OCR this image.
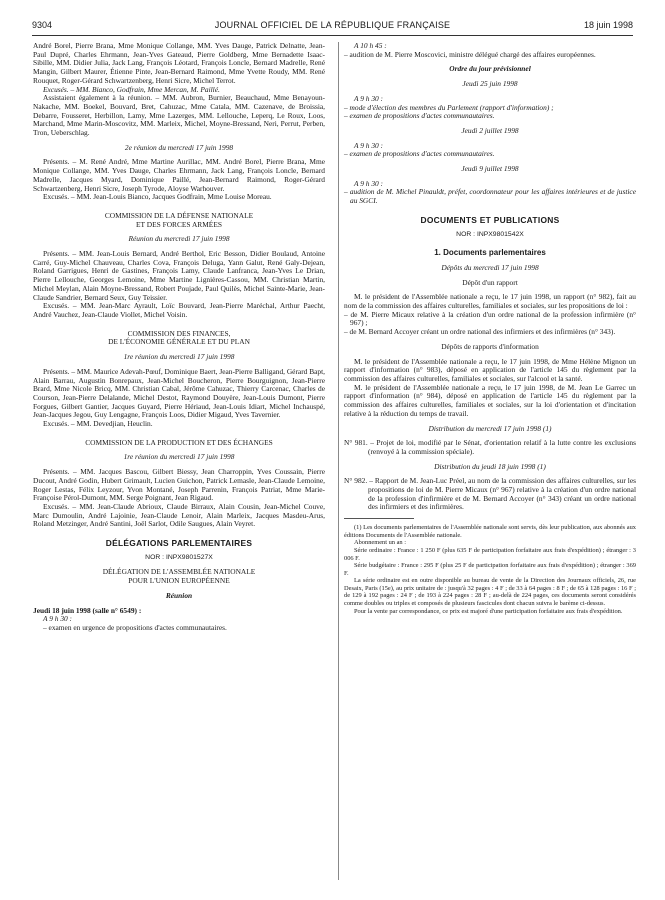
9304	JOURNAL OFFICIEL DE LA RÉPUBLIQUE FRANÇAISE	18 juin 1998

André Borel, Pierre Brana, Mme Monique Collange, MM. Yves Dauge, Patrick Delnatte, Jean-Paul Dupré, Charles Ehrmann, Jean-Yves Gateaud, Pierre Goldberg, Mme Bernadette Isaac-Sibille, MM. Didier Julia, Jack Lang, François Léotard, François Loncle, Bernard Madrelle, René Mangin, Gilbert Maurer, Étienne Pinte, Jean-Bernard Raimond, Mme Yvette Roudy, MM. René Rouquet, Roger-Gérard Schwartzenberg, Henri Sicre, Michel Terrot.

Excusés. – MM. Bianco, Godfrain, Mme Mercan, M. Paillé.

Assistaient également à la réunion. – MM. Aubron, Burnier, Beauchaud, Mme Benayoun-Nakache, MM. Boekel, Bouvard, Bret, Cahuzac, Mme Catala, MM. Cazenave, de Broissia, Debarre, Fousseret, Herbillon, Lamy, Mme Lazerges, MM. Lellouche, Leperq, Le Roux, Loos, Marchand, Mme Marin-Moscovitz, MM. Marleix, Michel, Moyne-Bressand, Neri, Perrut, Perben, Tron, Ueberschlag.

2e réunion du mercredi 17 juin 1998

Présents. – M. René André, Mme Martine Aurillac, MM. André Borel, Pierre Brana, Mme Monique Collange, MM. Yves Dauge, Charles Ehrmann, Jack Lang, François Loncle, Bernard Madrelle, Jacques Myard, Dominique Paillé, Jean-Bernard Raimond, Roger-Gérard Schwartzenberg, Henri Sicre, Joseph Tyrode, Aloyse Warhouver.

Excusés. – MM. Jean-Louis Bianco, Jacques Godfrain, Mme Louise Moreau.

COMMISSION DE LA DÉFENSE NATIONALE

ET DES FORCES ARMÉES

Réunion du mercredi 17 juin 1998

Présents. – MM. Jean-Louis Bernard, André Berthol, Eric Besson, Didier Boulaud, Antoine Carré, Guy-Michel Chauveau, Charles Cova, François Deluga, Yann Galut, René Galy-Dejean, Roland Garrigues, Henri de Gastines, François Lamy, Claude Lanfranca, Jean-Yves Le Drian, Pierre Lellouche, Georges Lemoine, Mme Martine Lignières-Cassou, MM. Christian Martin, Michel Meylan, Alain Moyne-Bressand, Robert Poujade, Paul Quilès, Michel Sainte-Marie, Jean-Claude Sandrier, Bernard Seux, Guy Teissier.

Excusés. – MM. Jean-Marc Ayrault, Loïc Bouvard, Jean-Pierre Maréchal, Arthur Paecht, André Vauchez, Jean-Claude Viollet, Michel Voisin.

COMMISSION DES FINANCES,

DE L'ÉCONOMIE GÉNÉRALE ET DU PLAN

1re réunion du mercredi 17 juin 1998

Présents. – MM. Maurice Adevah-Pœuf, Dominique Baert, Jean-Pierre Balligand, Gérard Bapt, Alain Barrau, Augustin Bonrepaux, Jean-Michel Boucheron, Pierre Bourguignon, Jean-Pierre Brard, Mme Nicole Bricq, MM. Christian Cabal, Jérôme Cahuzac, Thierry Carcenac, Charles de Courson, Jean-Pierre Delalande, Michel Destot, Raymond Douyère, Jean-Louis Dumont, Pierre Forgues, Gilbert Gantier, Jacques Guyard, Pierre Hériaud, Jean-Louis Idiart, Michel Inchauspé, Jean-Jacques Jegou, Guy Lengagne, François Loos, Didier Migaud, Yves Tavernier.

Excusés. – MM. Devedjian, Heuclin.

COMMISSION DE LA PRODUCTION ET DES ÉCHANGES

1re réunion du mercredi 17 juin 1998

Présents. – MM. Jacques Bascou, Gilbert Biessy, Jean Charroppin, Yves Coussain, Pierre Ducout, André Godin, Hubert Grimault, Lucien Guichon, Patrick Lemasle, Jean-Claude Lemoine, Roger Lestas, Félix Leyzour, Yvon Montané, Joseph Parrenin, François Patriat, Mme Marie-Françoise Pérol-Dumont, MM. Serge Poignant, Jean Rigaud.

Excusés. – MM. Jean-Claude Abrioux, Claude Birraux, Alain Cousin, Jean-Michel Couve, Marc Dumoulin, André Lajoinie, Jean-Claude Lenoir, Alain Marleix, Jacques Masdeu-Arus, Roland Metzinger, André Santini, Joël Sarlot, Odile Saugues, Alain Veyret.

DÉLÉGATIONS PARLEMENTAIRES

NOR : INPX9801527X

DÉLÉGATION DE L'ASSEMBLÉE NATIONALE

POUR L'UNION EUROPÉENNE

Réunion

Jeudi 18 juin 1998 (salle n° 6549) :

A 9 h 30 :

– examen en urgence de propositions d'actes communautaires.

A 10 h 45 :

– audition de M. Pierre Moscovici, ministre délégué chargé des affaires européennes.

Ordre du jour prévisionnel

Jeudi 25 juin 1998

A 9 h 30 :

– mode d'élection des membres du Parlement (rapport d'information) ;

– examen de propositions d'actes communautaires.

Jeudi 2 juillet 1998

A 9 h 30 :

– examen de propositions d'actes communautaires.

Jeudi 9 juillet 1998

A 9 h 30 :

– audition de M. Michel Pinauldt, préfet, coordonnateur pour les affaires intérieures et de justice au SGCI.

DOCUMENTS ET PUBLICATIONS

NOR : INPX9801542X

1. Documents parlementaires

Dépôts du mercredi 17 juin 1998

Dépôt d'un rapport

M. le président de l'Assemblée nationale a reçu, le 17 juin 1998, un rapport (n° 982), fait au nom de la commission des affaires culturelles, familiales et sociales, sur les propositions de loi :

– de M. Pierre Micaux relative à la création d'un ordre national de la profession infirmière (n° 967) ;

– de M. Bernard Accoyer créant un ordre national des infirmiers et des infirmières (n° 343).

Dépôts de rapports d'information

M. le président de l'Assemblée nationale a reçu, le 17 juin 1998, de Mme Hélène Mignon un rapport d'information (n° 983), déposé en application de l'article 145 du règlement par la commission des affaires culturelles, familiales et sociales, sur l'alcool et la santé.

M. le président de l'Assemblée nationale a reçu, le 17 juin 1998, de M. Jean Le Garrec un rapport d'information (n° 984), déposé en application de l'article 145 du règlement par la commission des affaires culturelles, familiales et sociales, sur la loi d'orientation et d'incitation relative à la réduction du temps de travail.

Distribution du mercredi 17 juin 1998 (1)

N° 981. – Projet de loi, modifié par le Sénat, d'orientation relatif à la lutte contre les exclusions (renvoyé à la commission spéciale).

Distribution du jeudi 18 juin 1998 (1)

N° 982. – Rapport de M. Jean-Luc Préel, au nom de la commission des affaires culturelles, sur les propositions de loi de M. Pierre Micaux (n° 967) relative à la création d'un ordre national de la profession d'infirmière et de M. Bernard Accoyer (n° 343) créant un ordre national des infirmiers et des infirmières.

(1) Les documents parlementaires de l'Assemblée nationale sont servis, dès leur publication, aux abonnés aux éditions Documents de l'Assemblée nationale.

Abonnement un an :

Série ordinaire : France : 1 250 F (plus 635 F de participation forfaitaire aux frais d'expédition) ; étranger : 3 006 F.

Série budgétaire : France : 295 F (plus 25 F de participation forfaitaire aux frais d'expédition) ; étranger : 369 F.

La série ordinaire est en outre disponible au bureau de vente de la Direction des Journaux officiels, 26, rue Desaix, Paris (15e), au prix unitaire de : jusqu'à 32 pages : 4 F ; de 33 à 64 pages : 8 F ; de 65 à 128 pages : 16 F ; de 129 à 192 pages : 24 F ; de 193 à 224 pages : 28 F ; au-delà de 224 pages, ces documents seront considérés comme doubles ou triples et composés de plusieurs fascicules dont chacun suivra le barème ci-dessus.

Pour la vente par correspondance, ce prix est majoré d'une participation forfaitaire aux frais d'expédition.
